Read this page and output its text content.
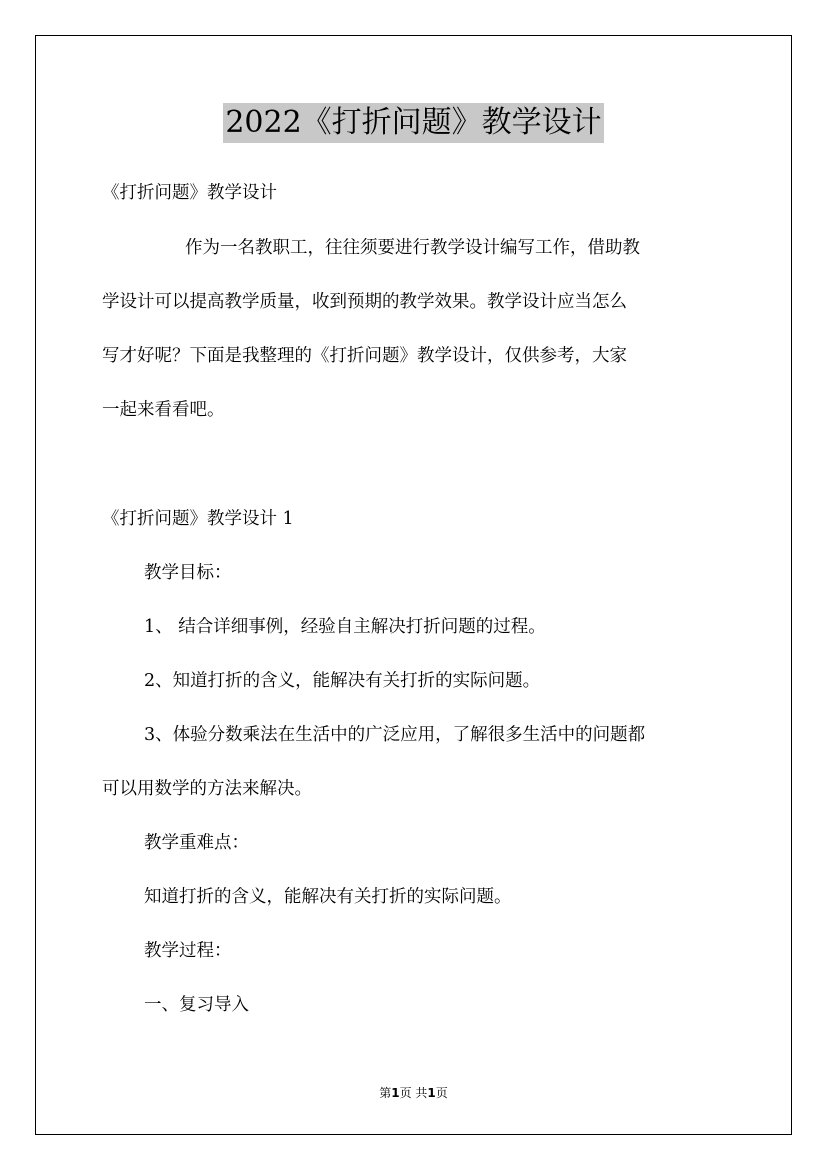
2022《打折问题》教学设计
《打折问题》教学设计
作为一名教职工，往往须要进行教学设计编写工作，借助教
学设计可以提高教学质量，收到预期的教学效果。教学设计应当怎么
写才好呢？下面是我整理的《打折问题》教学设计，仅供参考，大家
一起来看看吧。
《打折问题》教学设计 1
教学目标：
1、 结合详细事例，经验自主解决打折问题的过程。
2、知道打折的含义，能解决有关打折的实际问题。
3、体验分数乘法在生活中的广泛应用，了解很多生活中的问题都
可以用数学的方法来解决。
教学重难点：
知道打折的含义，能解决有关打折的实际问题。
教学过程：
一、复习导入
第1页 共1页
